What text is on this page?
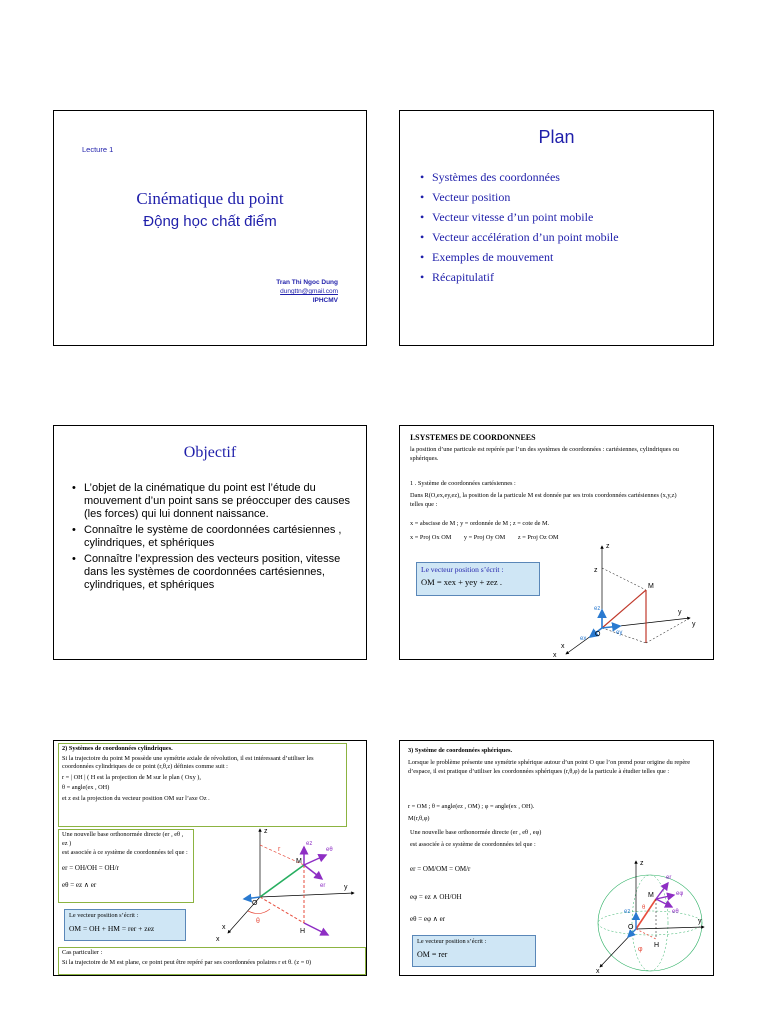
Lecture 1
Cinématique du point
Động học chất điểm
Tran Thi Ngoc Dung
dungttn@gmail.com
IPHCMV
Plan
• Systèmes des coordonnées
• Vecteur position
• Vecteur vitesse d’un point mobile
• Vecteur accélération d’un point mobile
• Exemples de mouvement
• Récapitulatif
Objectif
• L’objet de la cinématique du point est l’étude du mouvement d’un point sans se préoccuper des causes (les forces) qui lui donnent naissance.
• Connaître le système de coordonnées cartésiennes , cylindriques, et sphériques
• Connaître l’expression des vecteurs position, vitesse dans les systèmes de coordonnées cartésiennes, cylindriques, et sphériques
I.SYSTEMES DE COORDONNEES
la position d’une particule est repérée par l’un des systèmes de coordonnées : cartésiennes, cylindriques ou sphériques.
1 . Système de coordonnées cartésiennes :
Dans R(O,ex,ey,ez), la position de la particule M est donnée par ses trois coordonnées cartésiennes (x,y,z) telles que :
x = abscisse de M ; y = ordonnée de M ; z = cote de M.
x = Proj Ox OM        y = Proj Oy OM        z = Proj Oz OM
Le vecteur position s’écrit :
OM = xex + yey + zez .
z
z
M
O
ez
ey
ex
y
y
x
x
2) Systèmes de coordonnées cylindriques.
Si la trajectoire du point M possède une symétrie axiale de révolution, il est intéressant d’utiliser les coordonnées cylindriques de ce point (r,θ,z) définies comme suit :
r = | OH | ( H est la projection de M sur le plan ( Oxy ),
θ = angle(ex , OH)
et z est la projection du vecteur position OM sur l’axe Oz .
Une nouvelle base orthonormée directe (er , eθ , ez )
est associée à ce système de coordonnées tel que :
er = OH/OH = OH/r
eθ = ez ∧ er
Le vecteur position s’écrit :
OM = OH + HM = rer + zez
Cas particulier :
Si la trajectoire de M est plane, ce point peut être repéré par ses coordonnées polaires r et θ. (z = 0)
z
r
M
O
y
x
x
H
θ
ez
eθ
er
3) Système de coordonnées sphériques.
Lorsque le problème présente une symétrie sphérique autour d’un point O que l’on prend pour origine du repère d’espace, il est pratique d’utiliser les coordonnées sphériques (r,θ,φ) de la particule à étudier telles que :
r = OM ; θ = angle(ez , OM) ; φ = angle(ex , OH).
M(r,θ,φ)
Une nouvelle base orthonormée directe (er , eθ , eφ)
est associée à ce système de coordonnées tel que :
er = OM/OM = OM/r
eφ = ez ∧ OH/OH
eθ = eφ ∧ er
Le vecteur position s’écrit :
OM = rer
z
M
O
H
y
x
φ
θ
er
eθ
eφ
ez
